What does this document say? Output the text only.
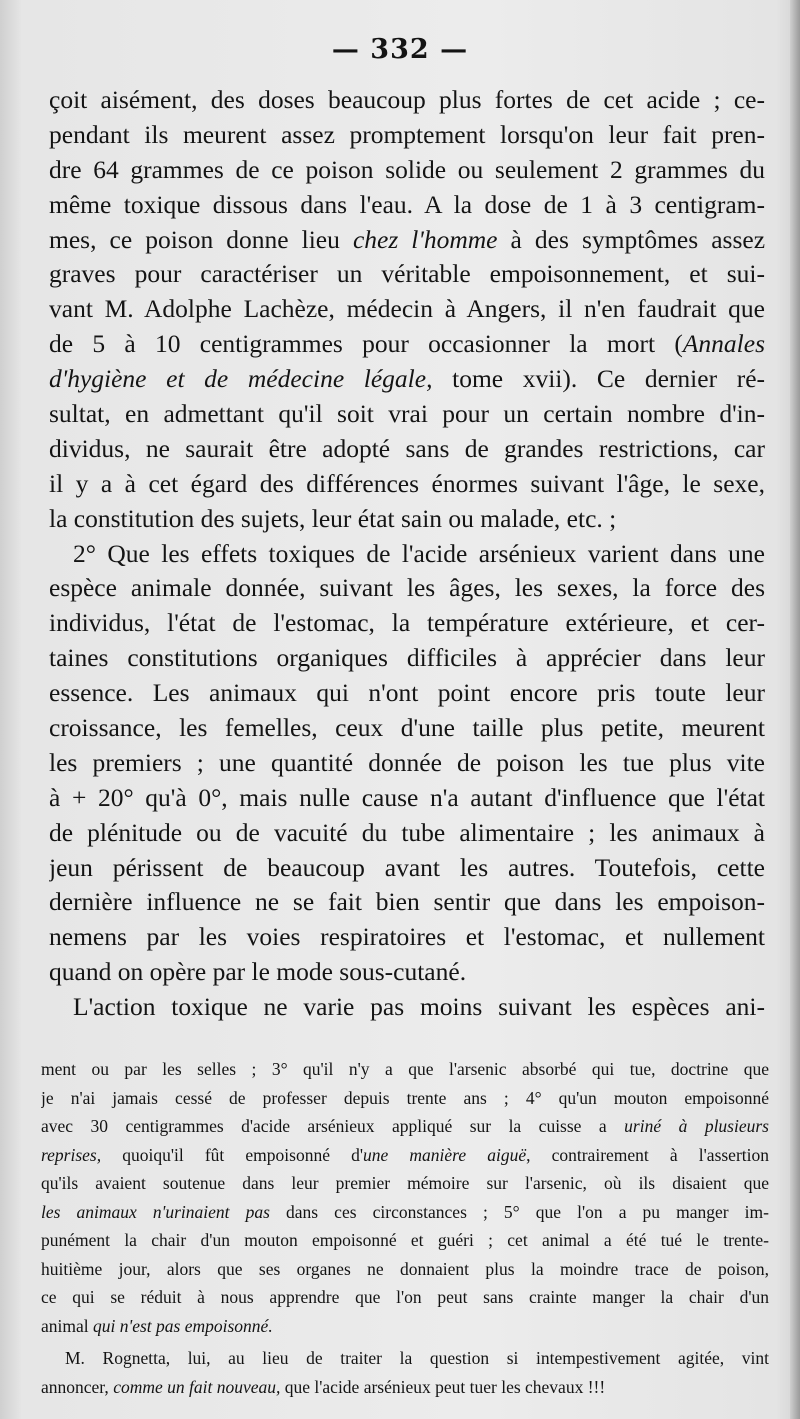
— 332 —
çoit aisément, des doses beaucoup plus fortes de cet acide ; ce-
pendant ils meurent assez promptement lorsqu'on leur fait pren-
dre 64 grammes de ce poison solide ou seulement 2 grammes du
même toxique dissous dans l'eau. A la dose de 1 à 3 centigram-
mes, ce poison donne lieu chez l'homme à des symptômes assez
graves pour caractériser un véritable empoisonnement, et sui-
vant M. Adolphe Lachèze, médecin à Angers, il n'en faudrait que
de 5 à 10 centigrammes pour occasionner la mort (Annales
d'hygiène et de médecine légale, tome xvii). Ce dernier ré-
sultat, en admettant qu'il soit vrai pour un certain nombre d'in-
dividus, ne saurait être adopté sans de grandes restrictions, car
il y a à cet égard des différences énormes suivant l'âge, le sexe,
la constitution des sujets, leur état sain ou malade, etc. ;
2° Que les effets toxiques de l'acide arsénieux varient dans une
espèce animale donnée, suivant les âges, les sexes, la force des
individus, l'état de l'estomac, la température extérieure, et cer-
taines constitutions organiques difficiles à apprécier dans leur
essence. Les animaux qui n'ont point encore pris toute leur
croissance, les femelles, ceux d'une taille plus petite, meurent
les premiers ; une quantité donnée de poison les tue plus vite
à + 20° qu'à 0°, mais nulle cause n'a autant d'influence que l'état
de plénitude ou de vacuité du tube alimentaire ; les animaux à
jeun périssent de beaucoup avant les autres. Toutefois, cette
dernière influence ne se fait bien sentir que dans les empoison-
nemens par les voies respiratoires et l'estomac, et nullement
quand on opère par le mode sous-cutané.
L'action toxique ne varie pas moins suivant les espèces ani-
ment ou par les selles ; 3° qu'il n'y a que l'arsenic absorbé qui tue, doctrine que
je n'ai jamais cessé de professer depuis trente ans ; 4° qu'un mouton empoisonné
avec 30 centigrammes d'acide arsénieux appliqué sur la cuisse a uriné à plusieurs
reprises, quoiqu'il fût empoisonné d'une manière aiguë, contrairement à l'assertion
qu'ils avaient soutenue dans leur premier mémoire sur l'arsenic, où ils disaient que
les animaux n'urinaient pas dans ces circonstances ; 5° que l'on a pu manger im-
punément la chair d'un mouton empoisonné et guéri ; cet animal a été tué le trente-
huitième jour, alors que ses organes ne donnaient plus la moindre trace de poison,
ce qui se réduit à nous apprendre que l'on peut sans crainte manger la chair d'un
animal qui n'est pas empoisonné.
M. Rognetta, lui, au lieu de traiter la question si intempestivement agitée, vint
annoncer, comme un fait nouveau, que l'acide arsénieux peut tuer les chevaux !!!
